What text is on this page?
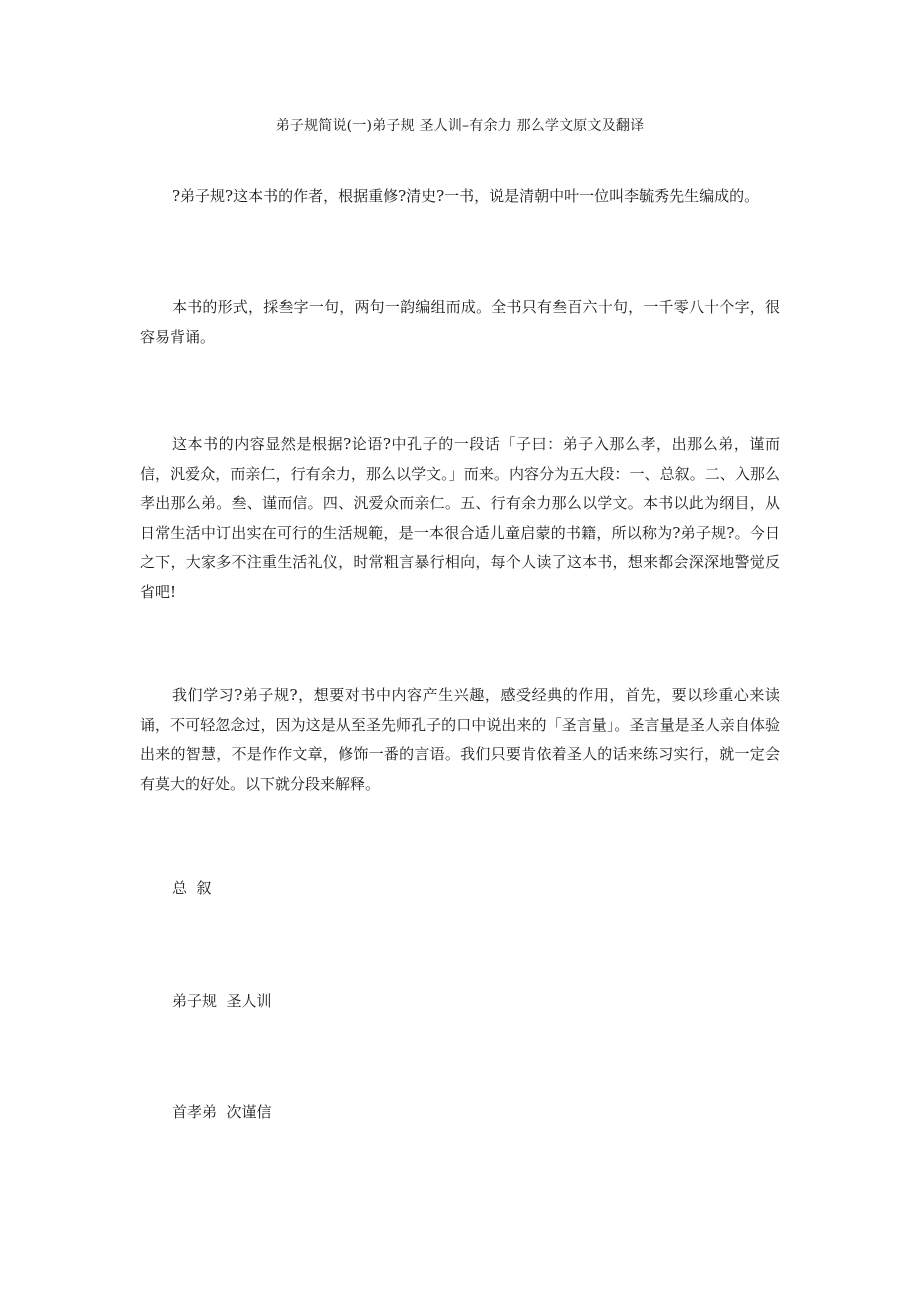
弟子规简说(一)弟子规 圣人训–有余力 那么学文原文及翻译

?弟子规?这本书的作者，根据重修?清史?一书，说是清朝中叶一位叫李毓秀先生编成的。

本书的形式，採叁字一句，两句一韵编组而成。全书只有叁百六十句，一千零八十个字，很容易背诵。

这本书的内容显然是根据?论语?中孔子的一段话「子曰：弟子入那么孝，出那么弟，谨而信，汎爱众，而亲仁，行有余力，那么以学文。」而来。内容分为五大段：一、总叙。二、入那么孝出那么弟。叁、谨而信。四、汎爱众而亲仁。五、行有余力那么以学文。本书以此为纲目，从日常生活中订出实在可行的生活规範，是一本很合适儿童启蒙的书籍，所以称为?弟子规?。今日之下，大家多不注重生活礼仪，时常粗言暴行相向，每个人读了这本书，想来都会深深地警觉反省吧!

我们学习?弟子规?，想要对书中内容产生兴趣，感受经典的作用，首先，要以珍重心来读诵，不可轻忽念过，因为这是从至圣先师孔子的口中说出来的「圣言量」。圣言量是圣人亲自体验出来的智慧，不是作作文章，修饰一番的言语。我们只要肯依着圣人的话来练习实行，就一定会有莫大的好处。以下就分段来解释。

总  叙
弟子规  圣人训
首孝弟  次谨信
